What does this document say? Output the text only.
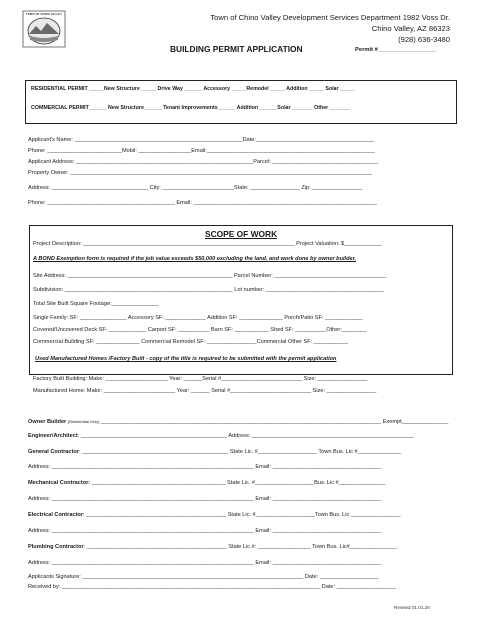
TOWN OF CHINO VALLEY	Town of Chino Valley Development Services Department 1982 Voss Dr.
Chino Valley, AZ 86323
(928) 636-3480
BUILDING PERMIT APPLICATION	Permit #__________________
RESIDENTIAL PERMIT _____New Structure _____ Drive Way ______ Accessory _____Remodel _____ Addition _____ Solar _____
COMMERCIAL PERMIT______ New Structure______ Tenant Improvements______ Addition ______Solar _______ Other _______
Applicant's Name: ______________________________________________________Date:______________________________________
Phone: ________________________Mobil: _________________Email:______________________________________________________
Applicant Address: _________________________________________________________Parcel: __________________________________
Property Owner: _________________________________________________________________________________________________
Address: _______________________________ City: _______________________State: ________________ Zip: ________________
Phone: _________________________________________ Email: ___________________________________________________________
SCOPE OF WORK
Project Description: ____________________________________________________________________ Project Valuation: $____________
A BOND Exemption form is required if the job value exceeds $50,000 excluding the land, and work done by owner builder.
Site Address: _____________________________________________________ Parcel Number: ____________________________________
Subdivision: ______________________________________________________ Lot number: ______________________________________
Total Site Built Square Footage:_______________
Single Family: SF: _______________ Accessory SF: _____________ Addition SF: ______________ Porch/Patio SF: ____________
Covered/Uncovered Deck SF: ____________ Carport SF: __________ Barn SF: ___________ Shed SF: __________Other:________
Commercial Building SF: ______________ Commercial Remodel SF: ________________Commercial Other SF: ___________
Used Manufactured Homes /Factory Built - copy of the title is required to be submitted with the permit application
Factory Built Building: Make: ____________________ Year: ______Serial #__________________________ Size: ________________
Manufactured Home: Make: _______________________ Year: ______ Serial #__________________________ Size: ________________
Owner Builder (Residential Only) __________________________________________________________________________________________ Exempt_______________
Engineer/Architect: _______________________________________________ Address: ____________________________________________________
General Contractor: _______________________________________________ State Lic. #___________________ Town Bus. Lic #______________
Address: _________________________________________________________________ Email: ___________________________________
Mechanical Contractor: ___________________________________________ State Lic. #___________________Bus. Lic #_______________
Address: _________________________________________________________________ Email: ___________________________________
Electrical Contractor: _____________________________________________ State Lic. #___________________Town Bus. Lic ________________
Address: _________________________________________________________________ Email: ___________________________________
Plumbing Contractor: _____________________________________________ State Lic.#: _________________ Town Bus. Lic#_______________
Address: _________________________________________________________________ Email: ___________________________________
Applicants Signature: _______________________________________________________________________ Date: ___________________
Received by: ___________________________________________________________________________________ Date: ___________________
Revised 01.01.26
